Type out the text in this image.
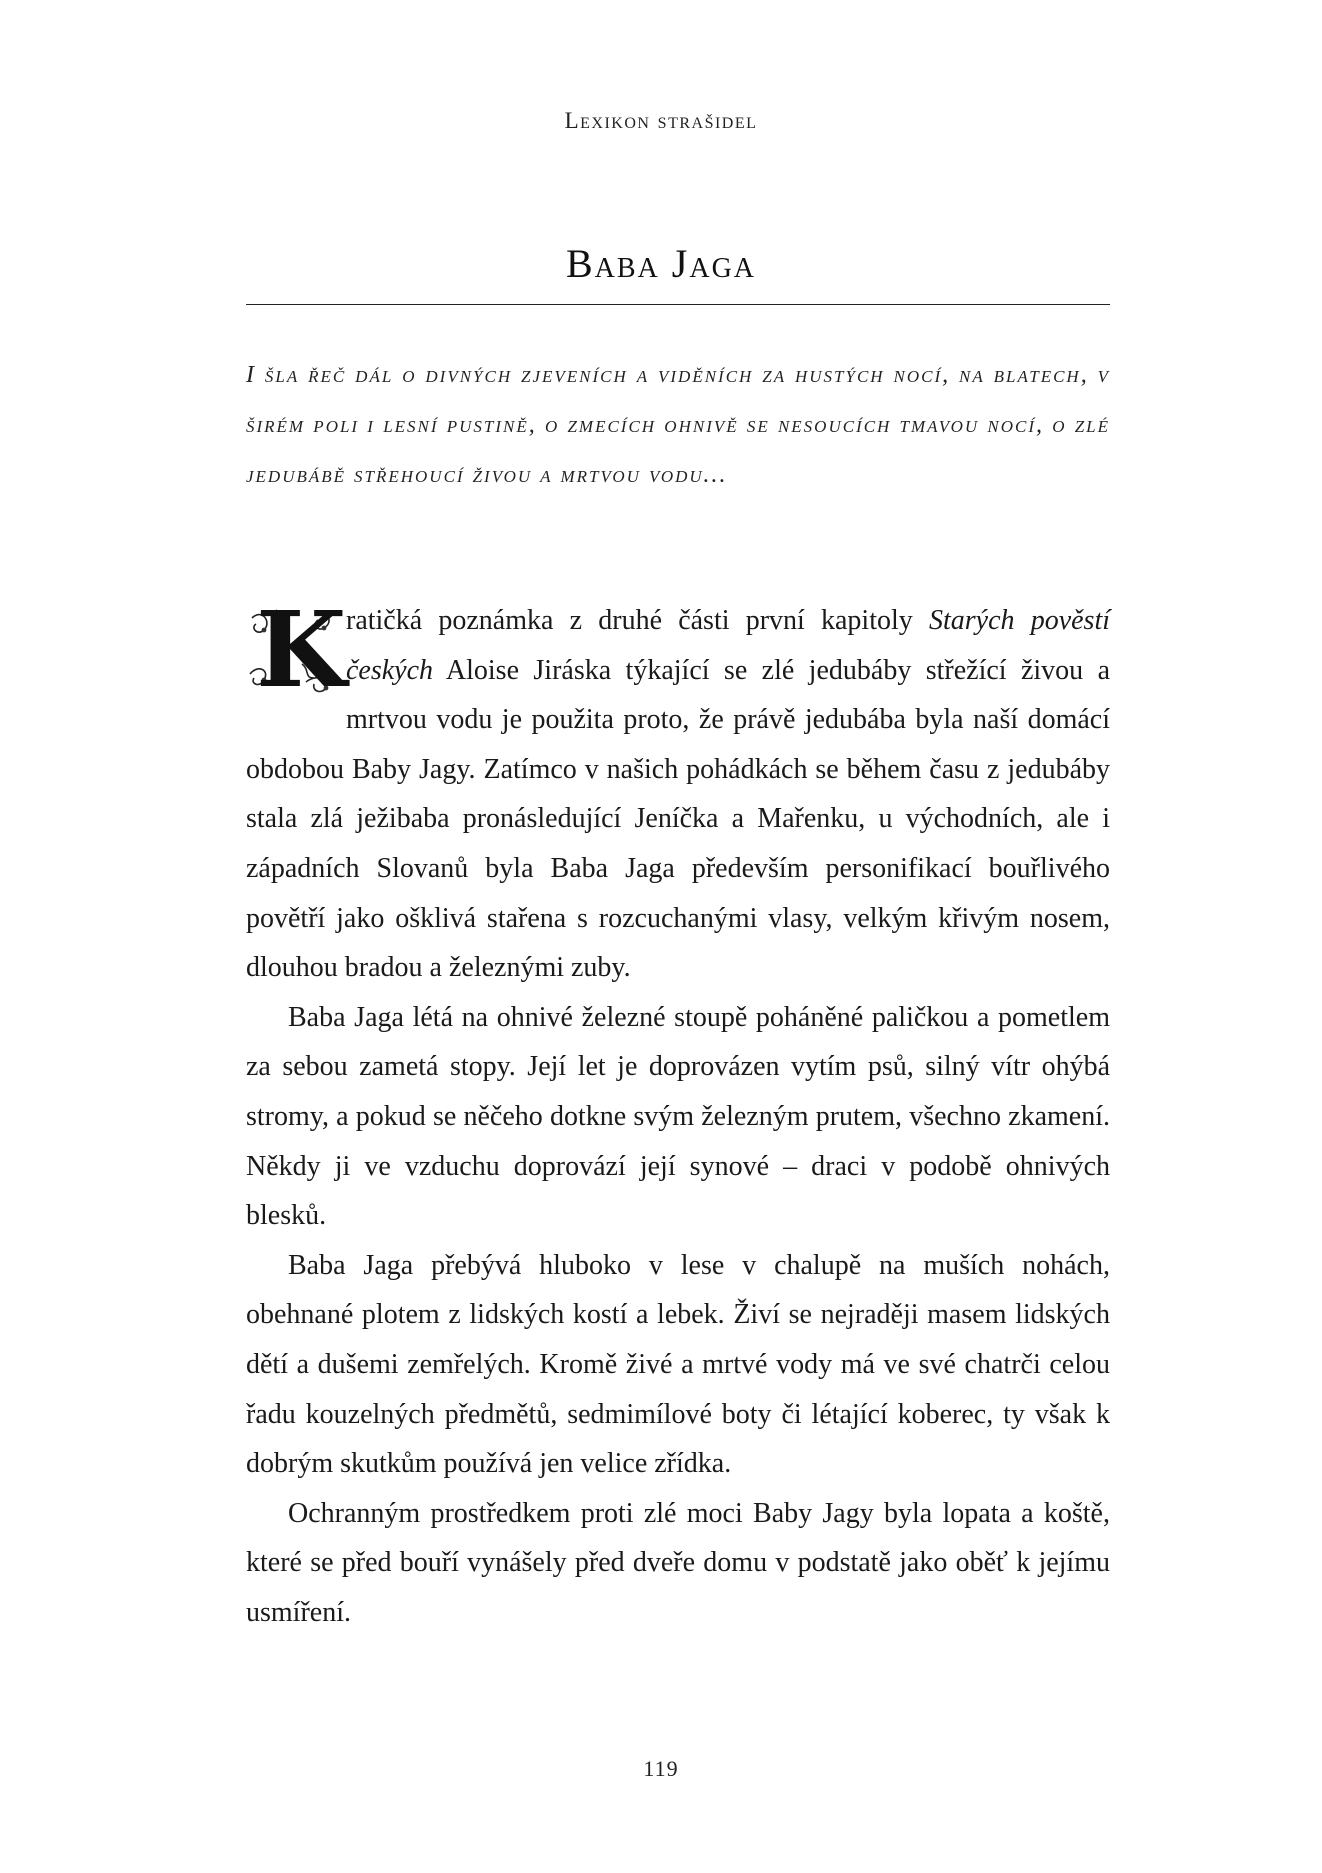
Lexikon strašidel
Baba Jaga
I šla řeč dál o divných zjeveních a viděních za hustých nocí, na blatech, v širém poli i lesní pustině, o zmecích ohnivě se nesoucích tmavou nocí, o zlé jedubábě střehoucí živou a mrtvou vodu…

K ratičká poznámka z druhé části první kapitoly Starých pověstí českých Aloise Jiráska týkající se zlé jedubáby střežící živou a mrtvou vodu je použita proto, že právě jedubába byla naší domácí obdobou Baby Jagy. Zatímco v našich pohádkách se během času z jedubáby stala zlá ježibaba pronásledující Jeníčka a Mařenku, u východních, ale i západních Slovanů byla Baba Jaga především personifikací bouřlivého povětří jako ošklivá stařena s rozcuchanými vlasy, velkým křivým nosem, dlouhou bradou a železnými zuby.

Baba Jaga létá na ohnivé železné stoupě poháněné paličkou a pometlem za sebou zametá stopy. Její let je doprovázen vytím psů, silný vítr ohýbá stromy, a pokud se něčeho dotkne svým železným prutem, všechno zkamení. Někdy ji ve vzduchu doprovází její synové – draci v podobě ohnivých blesků.

Baba Jaga přebývá hluboko v lese v chalupě na muších nohách, obehnané plotem z lidských kostí a lebek. Živí se nejraději masem lidských dětí a dušemi zemřelých. Kromě živé a mrtvé vody má ve své chatrči celou řadu kouzelných předmětů, sedmimílové boty či létající koberec, ty však k dobrým skutkům používá jen velice zřídka.

Ochranným prostředkem proti zlé moci Baby Jagy byla lopata a koště, které se před bouří vynášely před dveře domu v podstatě jako oběť k jejímu usmíření.

119
